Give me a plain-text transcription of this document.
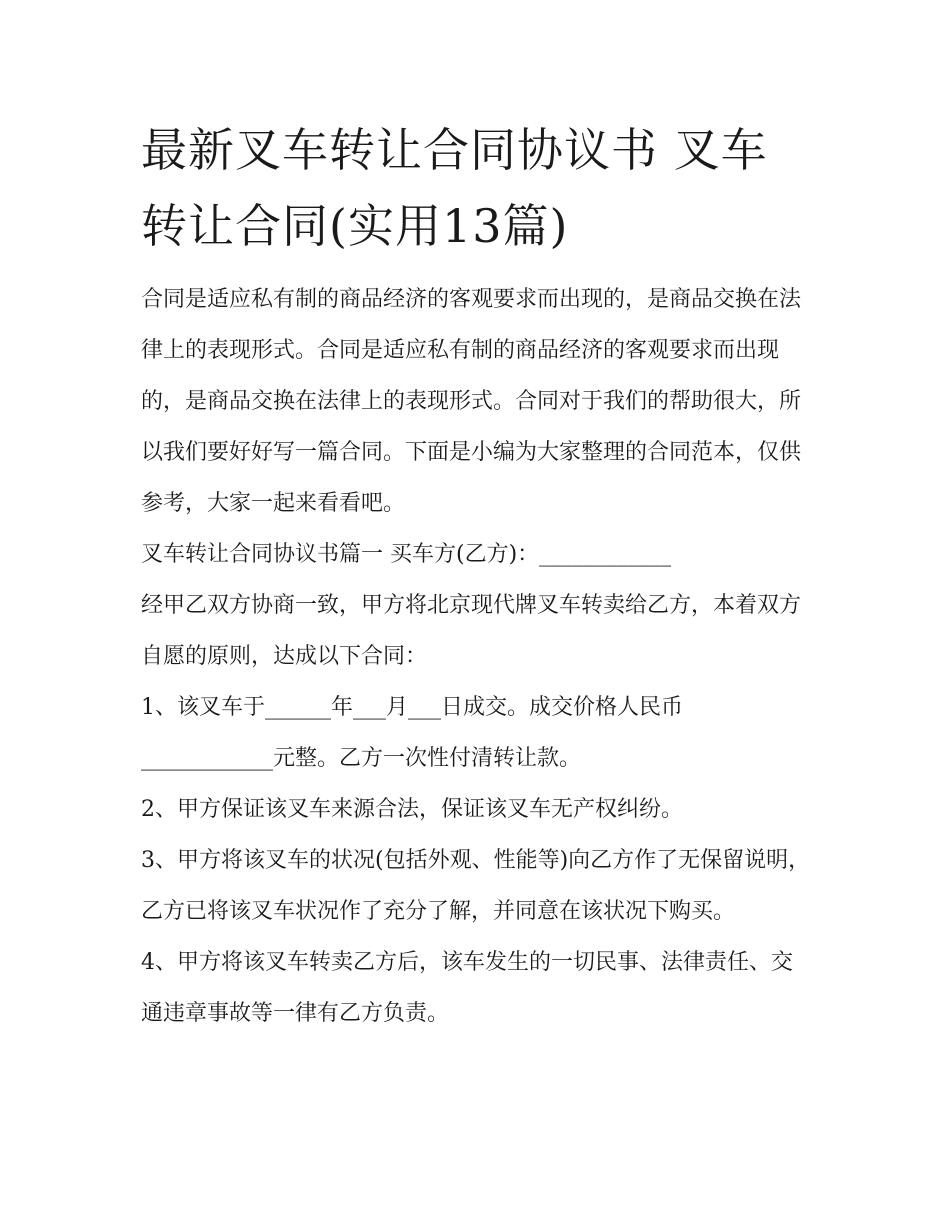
最新叉车转让合同协议书 叉车转让合同(实用13篇)

合同是适应私有制的商品经济的客观要求而出现的，是商品交换在法律上的表现形式。合同是适应私有制的商品经济的客观要求而出现的，是商品交换在法律上的表现形式。合同对于我们的帮助很大，所以我们要好好写一篇合同。下面是小编为大家整理的合同范本，仅供参考，大家一起来看看吧。

叉车转让合同协议书篇一 买车方(乙方)：____________

经甲乙双方协商一致，甲方将北京现代牌叉车转卖给乙方，本着双方自愿的原则，达成以下合同：

1、该叉车于______年___月___日成交。成交价格人民币____________元整。乙方一次性付清转让款。

2、甲方保证该叉车来源合法，保证该叉车无产权纠纷。

3、甲方将该叉车的状况(包括外观、性能等)向乙方作了无保留说明，乙方已将该叉车状况作了充分了解，并同意在该状况下购买。

4、甲方将该叉车转卖乙方后，该车发生的一切民事、法律责任、交通违章事故等一律有乙方负责。
